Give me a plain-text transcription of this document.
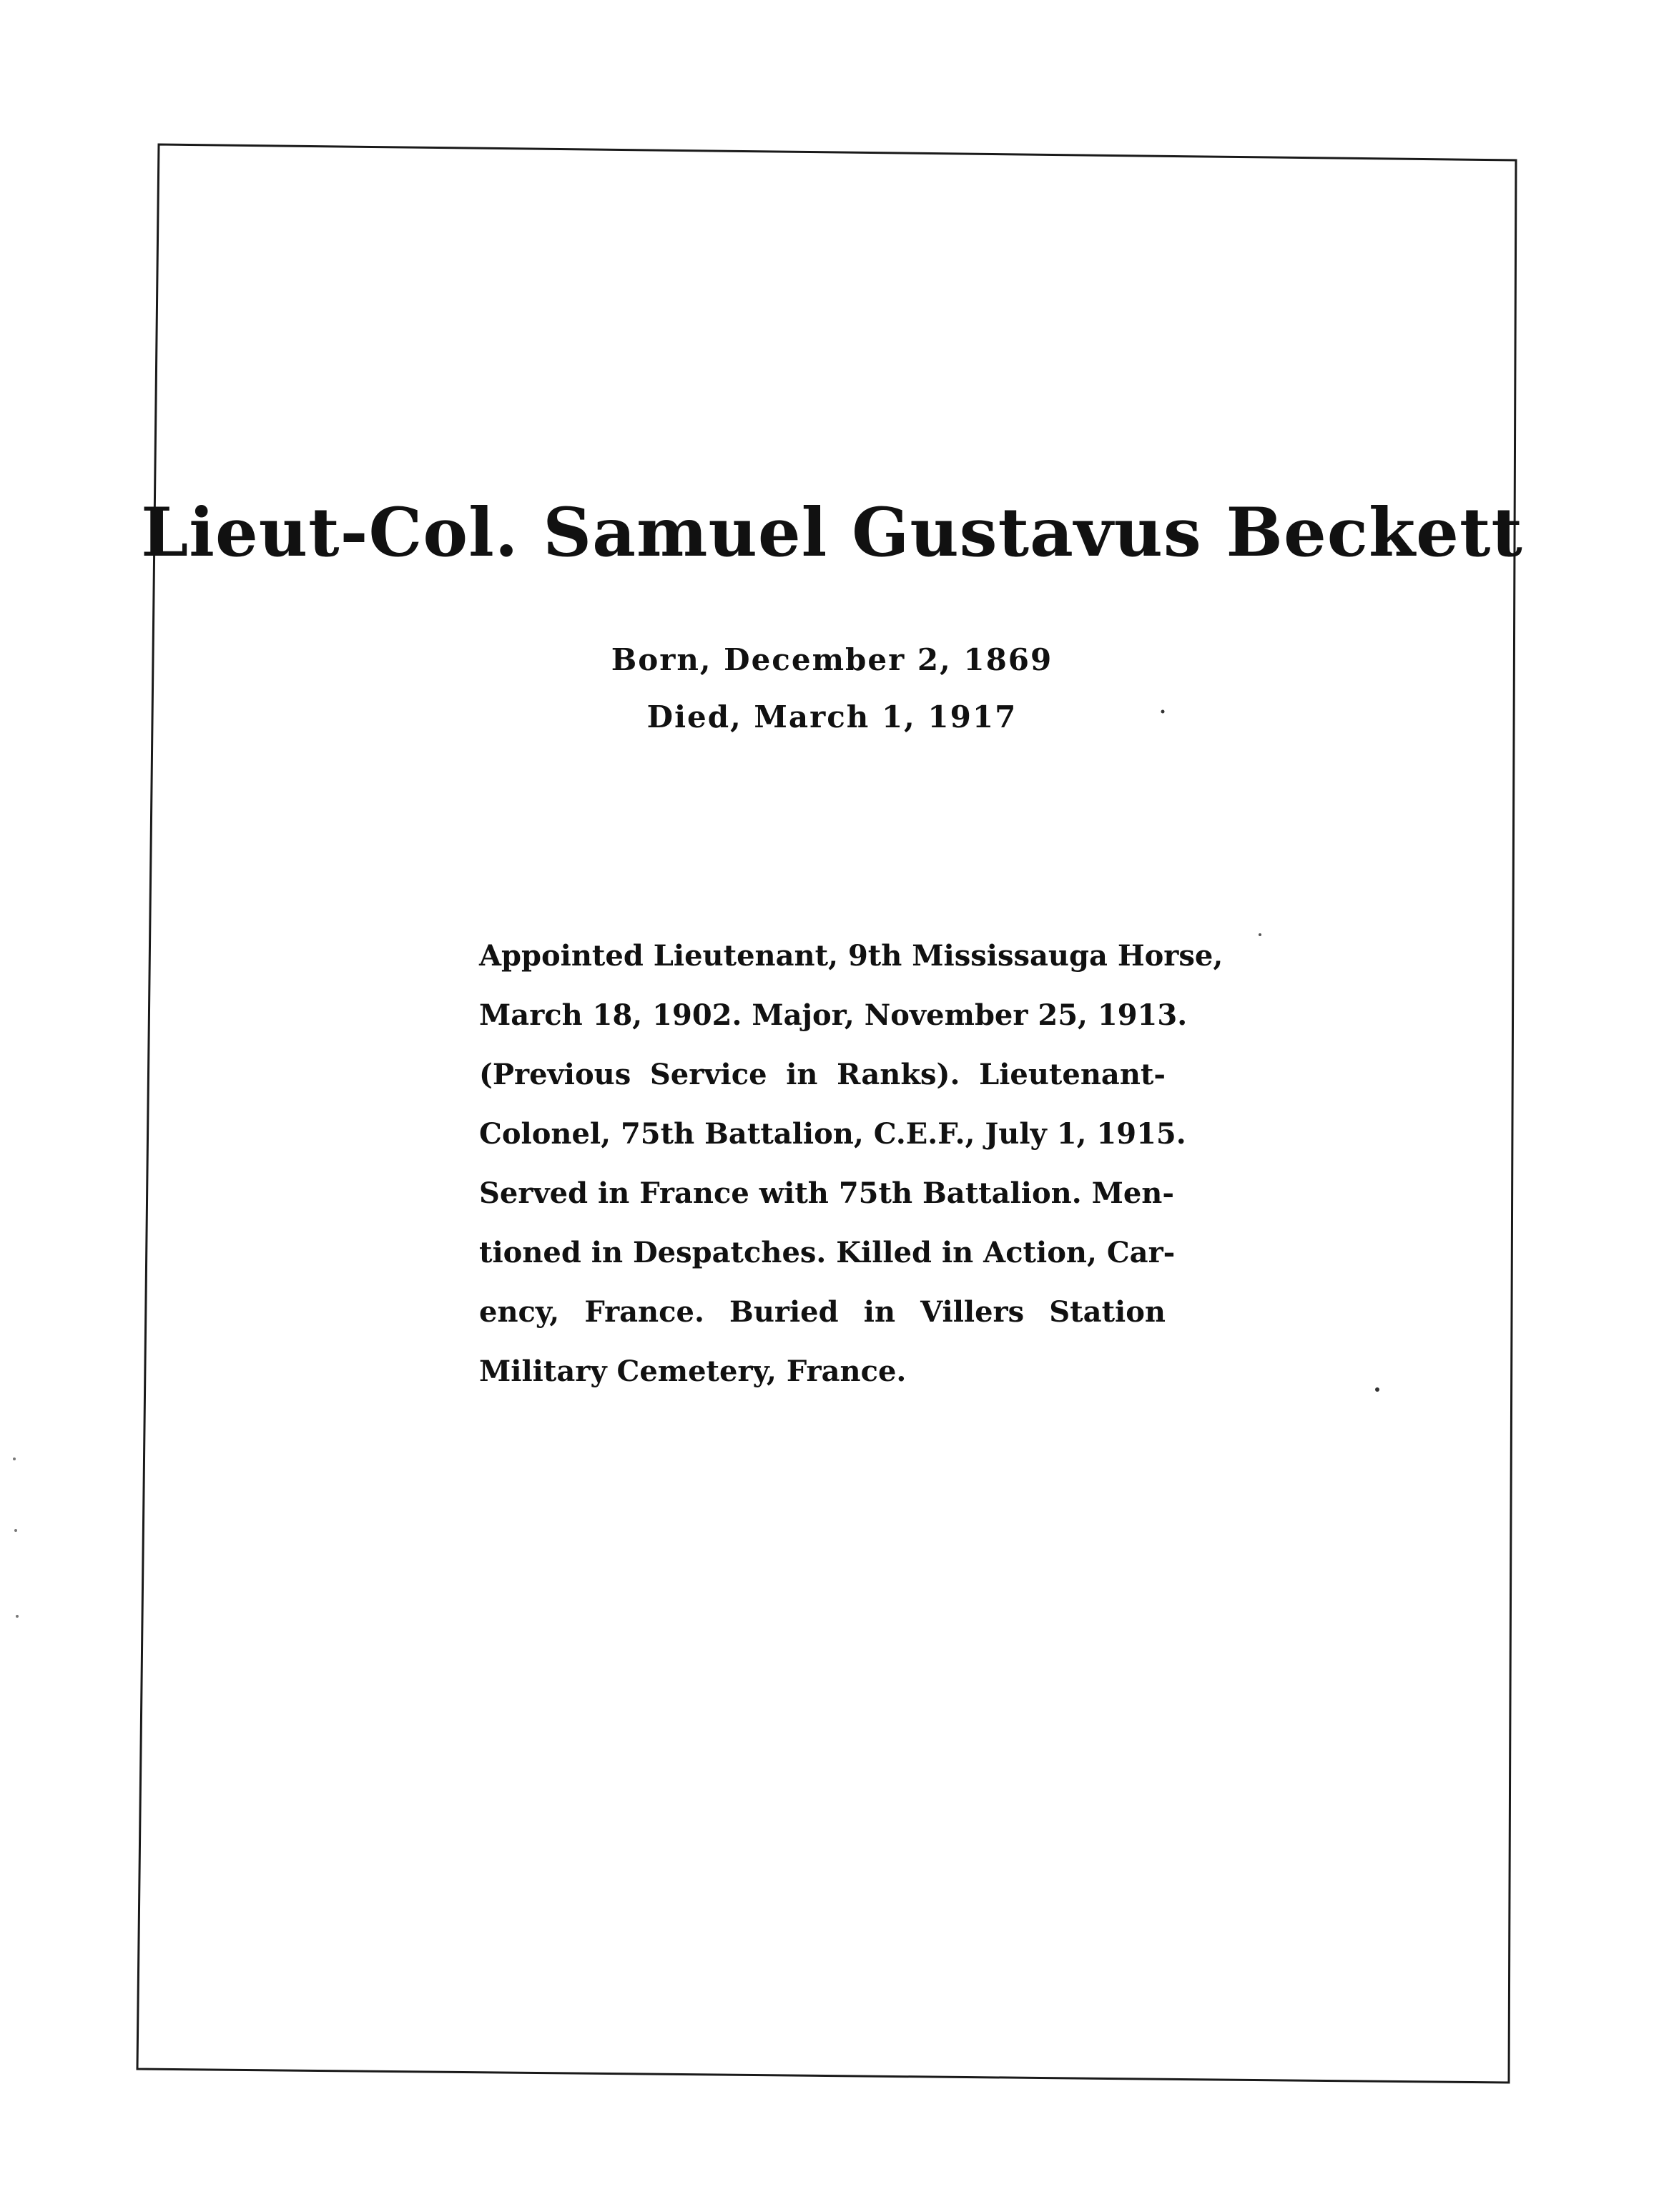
Lieut-Col. Samuel Gustavus Beckett
Born, December 2, 1869
Died, March 1, 1917
Appointed Lieutenant, 9th Mississauga Horse,
March 18, 1902. Major, November 25, 1913.
(Previous Service in Ranks). Lieutenant-
Colonel, 75th Battalion, C.E.F., July 1, 1915.
Served in France with 75th Battalion. Men-
tioned in Despatches. Killed in Action, Car-
ency, France. Buried in Villers Station
Military Cemetery, France.
